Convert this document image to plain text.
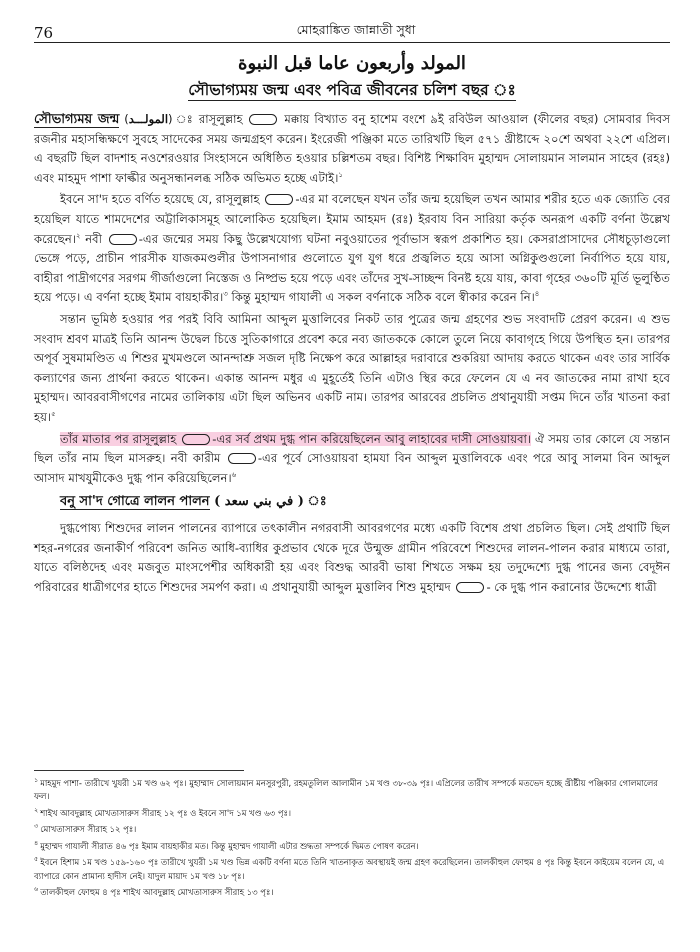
76	মোহরাঙ্কিত জান্নাতী সুধা
المولد وأربعون عاما قبل النبوة
সৌভাগ্যময় জন্ম এবং পবিত্র জীবনের চলিশ বছর ঃ

সৌভাগ্যময় জন্ম (المولـــد) রাসূলুল্লাহ	মক্কায় বিখ্যাত বনু হাশেম বংশে ৯ই রবিউল আওয়াল (ফীলের বছর) সোমবার দিবস রজনীর মহাসন্ধিক্ষণে সুবহে সাদেকের সময় জন্মগ্রহণ করেন। ইংরেজী পঞ্জিকা মতে তারিখটি ছিল ৫৭১ খ্রীষ্টাব্দে ২০শে অথবা ২২শে এপ্রিল। এ বছরটি ছিল বাদশাহ নওশেরওয়ার সিংহাসনে অধিষ্ঠিত হওয়ার চল্লিশতম বছর। বিশিষ্ট শিক্ষাবিদ মুহাম্মদ সোলায়মান সালমান সাহেব (রহঃ) এবং মাহমুদ পাশা ফাল্কীর অনুসন্ধানলব্ধ সঠিক অভিমত হচ্ছে এটাই।$^১$

ইবনে সা'দ হতে বর্ণিত হয়েছে যে, রাসূলুল্লাহ	-এর মা বলেছেন যখন তাঁর জন্ম হয়েছিল তখন আমার শরীর হতে এক জ্যোতি বের হয়েছিল যাতে শামদেশের অট্টালিকাসমূহ আলোকিত হয়েছিল। ইমাম আহমদ (রঃ) ইরবায বিন সারিয়া কর্তৃক অনরূপ একটি বর্ণনা উল্লেখ করেছেন।$^২$ নবী	-এর জন্মের সময় কিছু উল্লেখযোগ্য ঘটনা নবুওয়াতের পূর্বাভাস স্বরূপ প্রকাশিত হয়। কেসরাপ্রাসাদের সৌধচূড়াগুলো ভেঙ্গে পড়ে, প্রাচীন পারসীক যাজকমণ্ডলীর উপাসনাগার গুলোতে যুগ যুগ ধরে প্রজ্বলিত হয়ে আসা অগ্নিকুণ্ডগুলো নির্বাপিত হয়ে যায়, বাহীরা পাদ্রীগণের সরগম গীর্জাগুলো নিস্তেজ ও নিষ্প্রভ হয়ে পড়ে এবং তাঁদের সুখ-সাচ্ছন্দ বিনষ্ট হয়ে যায়, কাবা গৃহের ৩৬০টি মূর্তি ভূলুণ্ঠিত হয়ে পড়ে। এ বর্ণনা হচ্ছে ইমাম বায়হাকীর।$^৩$ কিন্তু মুহাম্মদ গাযালী এ সকল বর্ণনাকে সঠিক বলে স্বীকার করেন নি।$^৪$

সন্তান ভূমিষ্ঠ হওয়ার পর পরই বিবি আমিনা আব্দুল মুত্তালিবের নিকট তার পুত্রের জন্ম গ্রহণের শুভ সংবাদটি প্রেরণ করেন। এ শুভ সংবাদ শ্রবণ মাত্রই তিনি আনন্দ উদ্বেল চিত্তে সুতিকাগারে প্রবেশ করে নব্য জাতককে কোলে তুলে নিয়ে কাবাগৃহে গিয়ে উপস্থিত হন। তারপর অপূর্ব সুষমামণ্ডিত এ শিশুর মুখমণ্ডলে আনন্দাশ্রু সজল দৃষ্টি নিক্ষেপ করে আল্লাহর দরাবারে শুকরিয়া আদায় করতে থাকেন এবং তার সার্বিক কল্যাণের জন্য প্রার্থনা করতে থাকেন। একান্ত আনন্দ মধুর এ মুহূর্তেই তিনি এটাও স্থির করে ফেলেন যে এ নব জাতকের নামা রাখা হবে মুহাম্মদ। আবরবাসীগণের নামের তালিকায় এটা ছিল অভিনব একটি নাম। তারপর আরবের প্রচলিত প্রথানুযায়ী সপ্তম দিনে তাঁর খাতনা করা হয়।$^৫$

তাঁর মাতার পর রাসূলুল্লাহ	-এর সর্ব প্রথম দুগ্ধ পান করিয়েছিলেন আবু লাহাবের দাসী সোওয়ায়বা। ঐ সময় তার কোলে যে সন্তান ছিল তাঁর নাম ছিল মাসরুহ। নবী কারীম	-এর পূর্বে সোওয়ায়বা হামযা বিন আব্দুল মুত্তালিবকে এবং পরে আবু সালমা বিন আব্দুল আসাদ মাখযুমীকেও দুগ্ধ পান করিয়েছিলেন।$^৬$

বনু সা'দ গোত্রে লালন পালন ( في بني سعد )

দুগ্ধপোষ্য শিশুদের লালন পালনের ব্যাপারে তৎকালীন নগরবাসী আবরগণের মধ্যে একটি বিশেষ প্রথা প্রচলিত ছিল। সেই প্রথাটি ছিল শহর-নগরের জনাকীর্ণ পরিবেশ জনিত আধি-ব্যাধির কুপ্রভাব থেকে দূরে উন্মুক্ত গ্রামীন পরিবেশে শিশুদের লালন-পালন করার মাধ্যমে তারা, যাতে বলিষ্ঠদেহ এবং মজবুত মাংসপেশীর অধিকারী হয় এবং বিশুদ্ধ আরবী ভাষা শিখতে সক্ষম হয় তদুদ্দেশ্যে দুগ্ধ পানের জন্য বেদূঈন পরিবারের ধাত্রীগণের হাতে শিশুদের সমর্পণ করা। এ প্রথানুযায়ী আব্দুল মুত্তালিব শিশু মুহাম্মদ	- কে দুগ্ধ পান করানোর উদ্দেশ্যে ধাত্রী

$^১$ মাহমুদ পাশা- তারীখে খুযরী ১ম খণ্ড ৬২ পৃঃ। মুহাম্মাদ সোলায়মান মনসুরপুরী, রহমতুলিল আলামীন ১ম খণ্ড ৩৮-৩৯ পৃঃ। এপ্রিলের তারীখ সম্পর্কে মতভেদ হচ্ছে খ্রীষ্টীয় পঞ্জিকার গোলমালের ফল।

$^২$ শাইখ আবদুল্লাহ মোখতাসারুস সীরাহ ১২ পৃঃ ও ইবনে সা'দ ১ম খণ্ড ৬৩ পৃঃ।

$^৩$ মোখতাসারুস সীরাহ ১২ পৃঃ।

$^৪$ মুহাম্মদ গাযালী সীরাত ৪৬ পৃঃ ইমাম বায়হাকীর মত। কিন্তু মুহাম্মদ গাযালী এটার শুদ্ধতা সম্পর্কে দ্বিমত পোষণ করেন।

$^৫$ ইবনে হিশাম ১ম খণ্ড ১৫৯-১৬০ পৃঃ তারীখে খুযরী ১ম খণ্ড ভিন্ন একটি বর্ণনা মতে তিনি খাতনাকৃত অবস্থায়ই জন্ম গ্রহণ করেছিলেন। তালকীহুল ফোহুম ৪ পৃঃ কিন্তু ইবনে কাইয়েম বলেন যে, এ ব্যাপারে কোন প্রামান্য হাদীস নেই। যাদুল মায়াদ ১ম খণ্ড ১৮ পৃঃ।

$^৬$ তালকীহুল ফোহুম ৪ পৃঃ শাইখ আবদুল্লাহ মোখতাসারুস সীরাহ ১৩ পৃঃ।
